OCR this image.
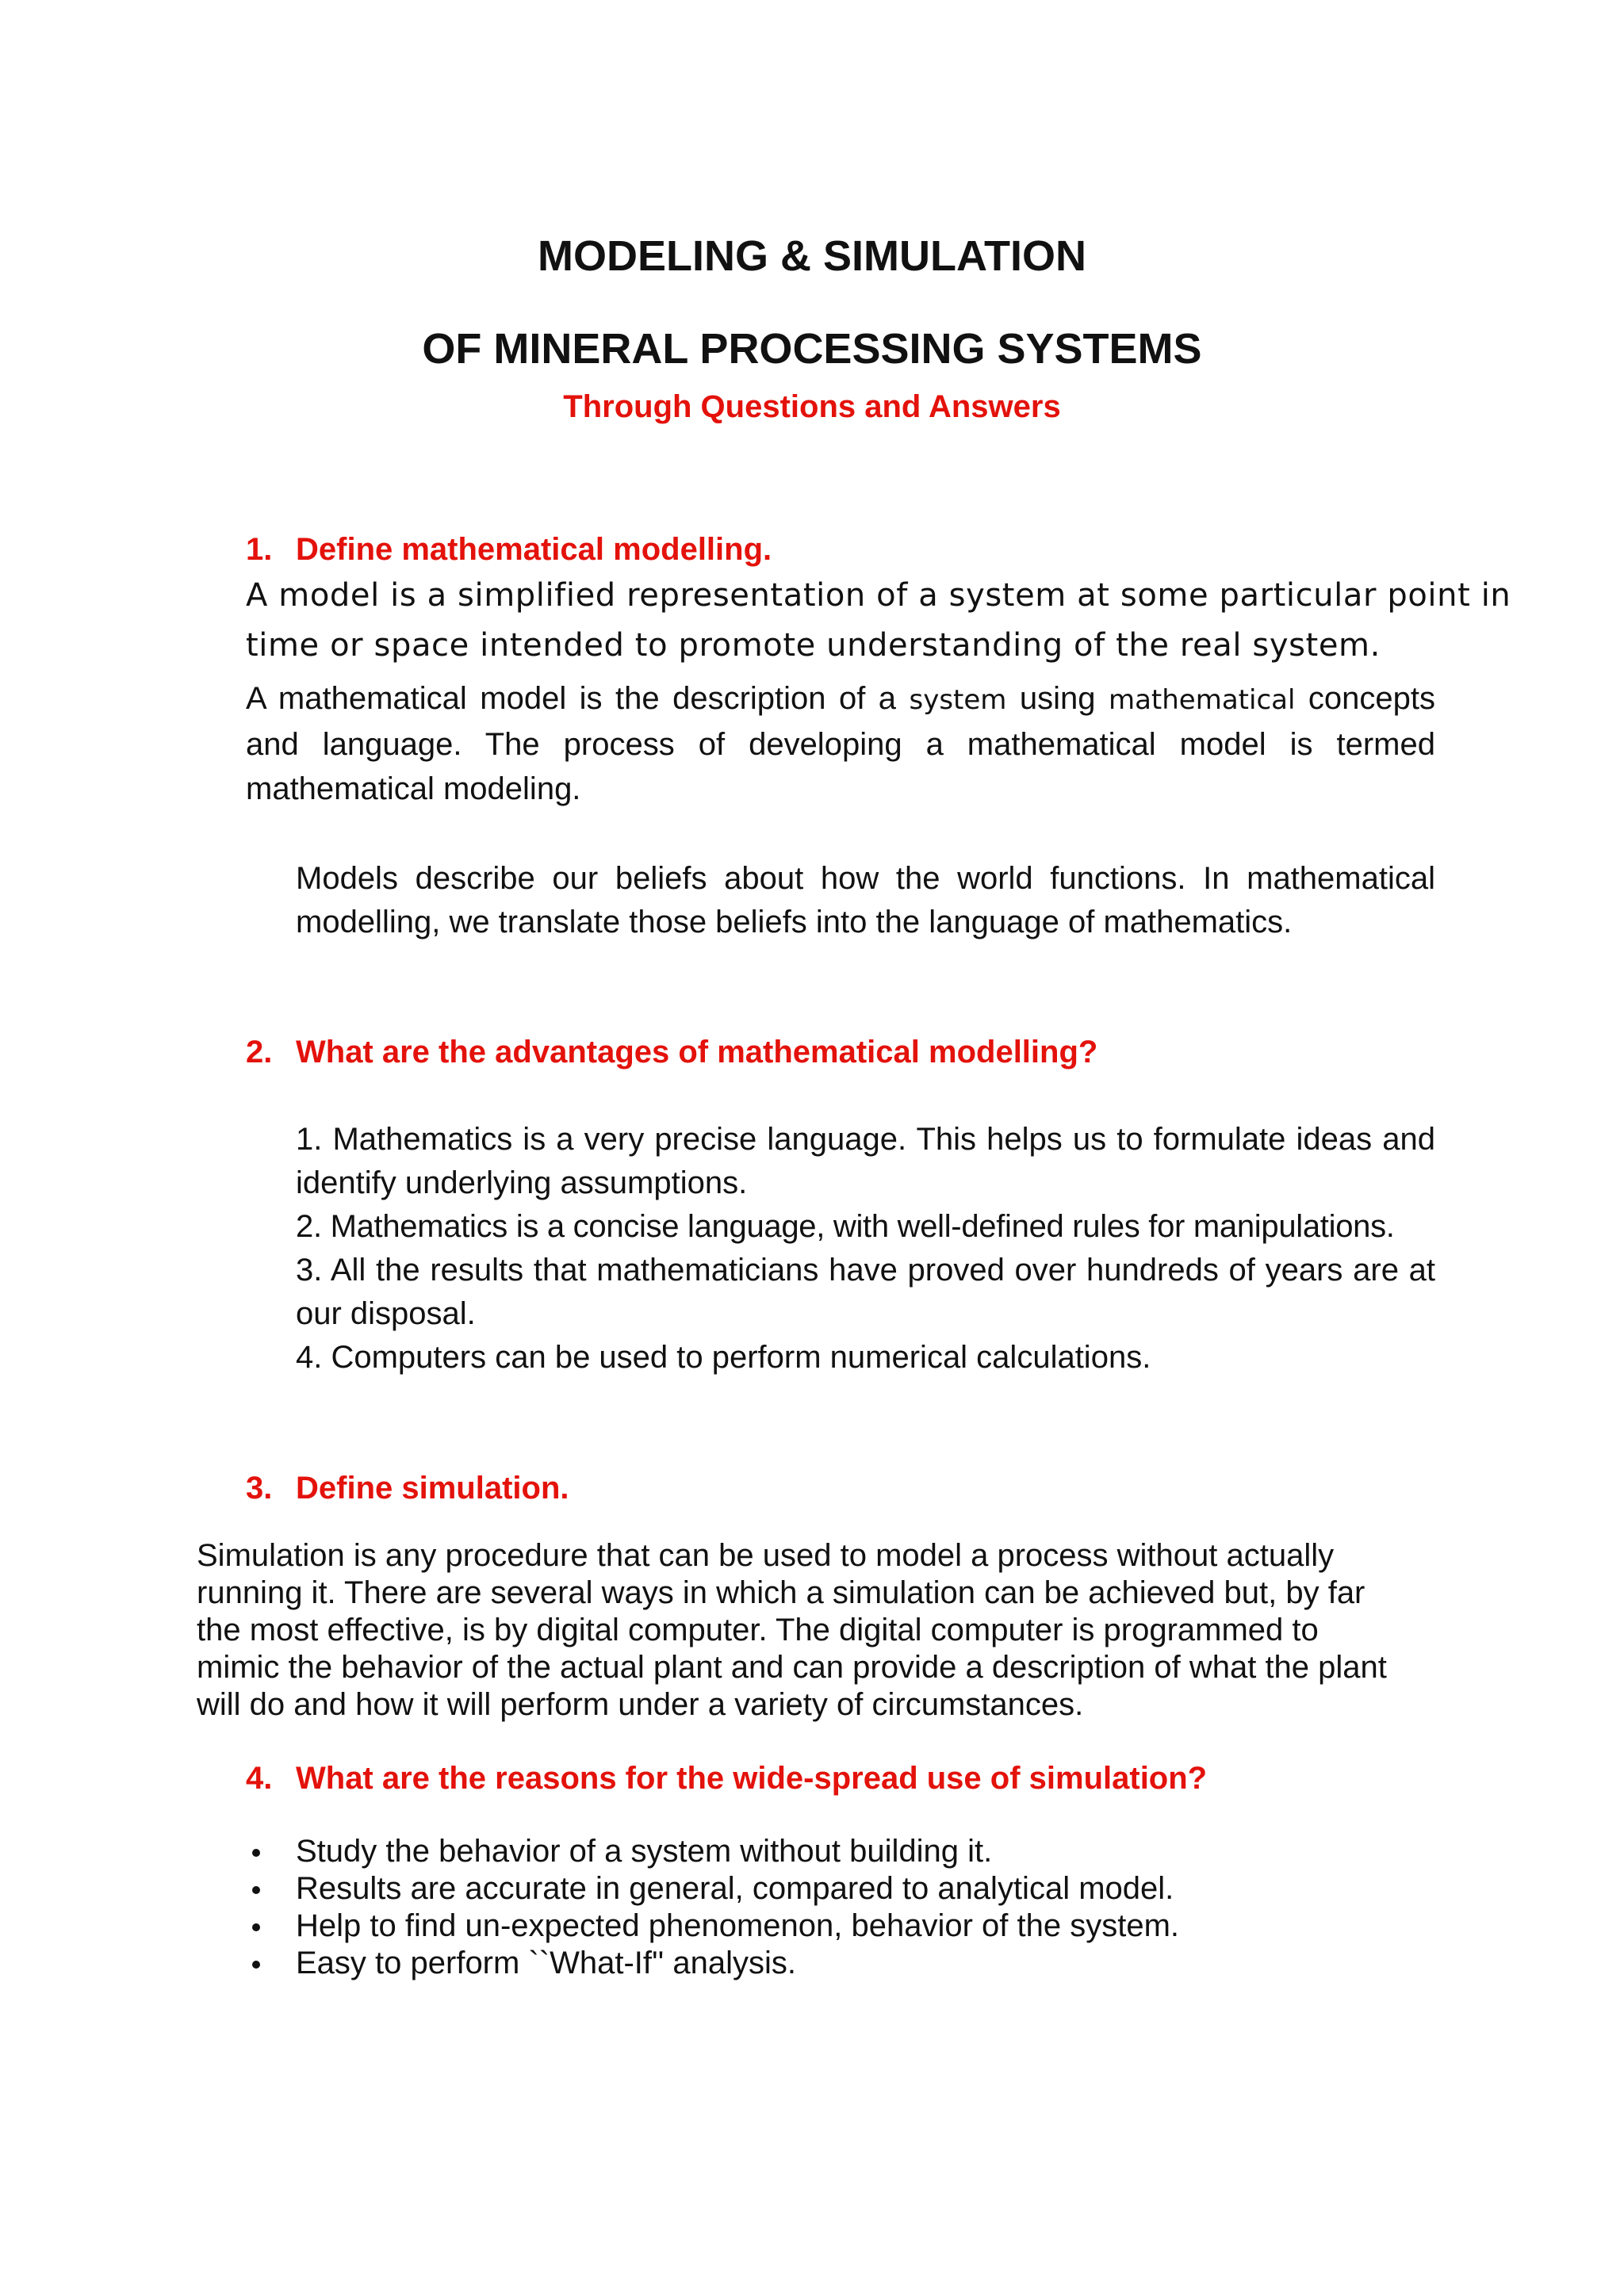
MODELING & SIMULATION
OF MINERAL PROCESSING SYSTEMS
Through Questions and Answers
1. Define mathematical modelling.
A model is a simplified representation of a system at some particular point in
time or space intended to promote understanding of the real system.

A mathematical model is the description of a system using mathematical concepts and language. The process of developing a mathematical model is termed mathematical modeling.

Models describe our beliefs about how the world functions. In mathematical modelling, we translate those beliefs into the language of mathematics.

2. What are the advantages of mathematical modelling?
1. Mathematics is a very precise language. This helps us to formulate ideas and identify underlying assumptions.
2. Mathematics is a concise language, with well-defined rules for manipulations.
3. All the results that mathematicians have proved over hundreds of years are at our disposal.
4. Computers can be used to perform numerical calculations.
3. Define simulation.
Simulation is any procedure that can be used to model a process without actually
running it. There are several ways in which a simulation can be achieved but, by far
the most effective, is by digital computer. The digital computer is programmed to
mimic the behavior of the actual plant and can provide a description of what the plant
will do and how it will perform under a variety of circumstances.
4. What are the reasons for the wide-spread use of simulation?
Study the behavior of a system without building it.
Results are accurate in general, compared to analytical model.
Help to find un-expected phenomenon, behavior of the system.
Easy to perform ``What-If'' analysis.
